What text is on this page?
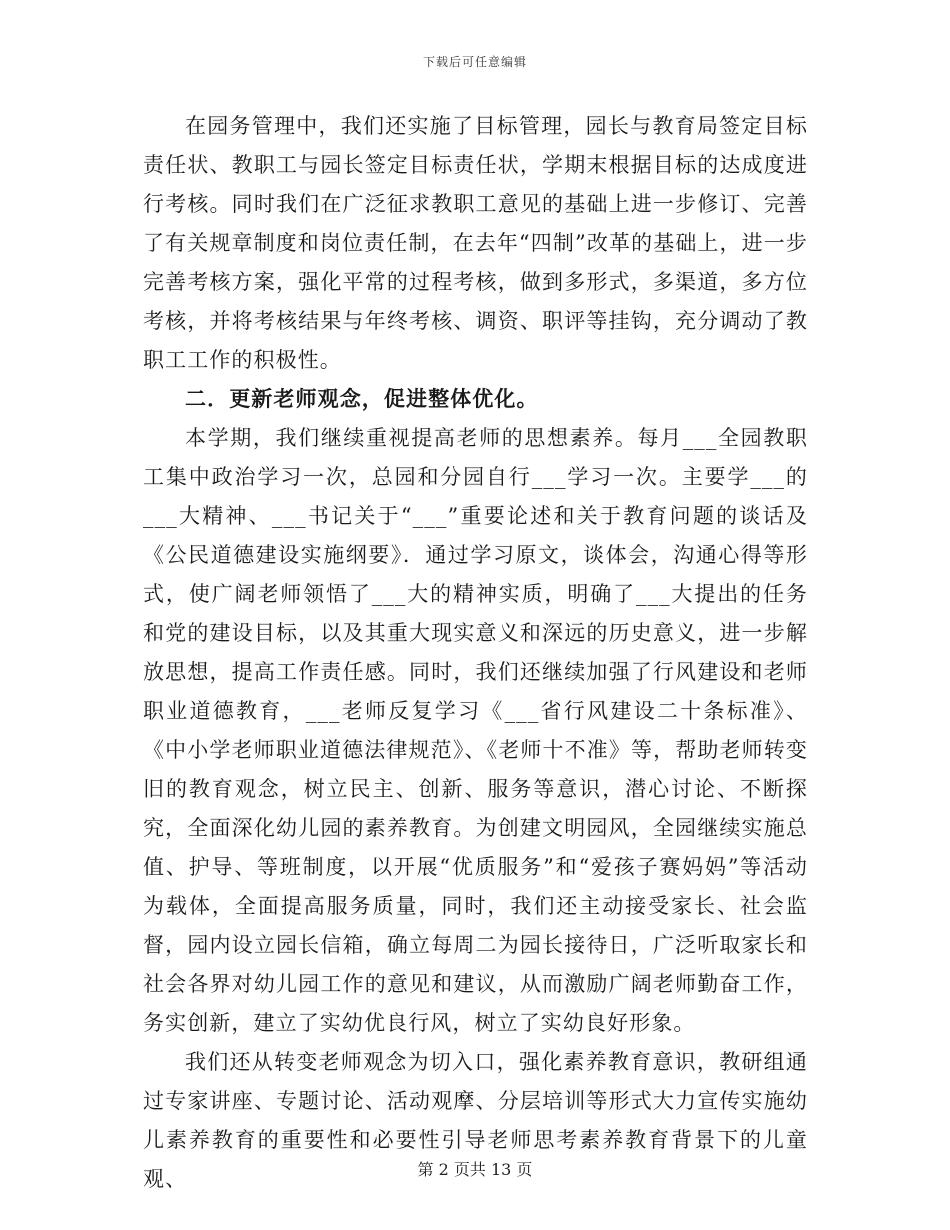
下载后可任意编辑

在园务管理中，我们还实施了目标管理，园长与教育局签定目标责任状、教职工与园长签定目标责任状，学期末根据目标的达成度进行考核。同时我们在广泛征求教职工意见的基础上进一步修订、完善了有关规章制度和岗位责任制，在去年“四制”改革的基础上，进一步完善考核方案，强化平常的过程考核，做到多形式，多渠道，多方位考核，并将考核结果与年终考核、调资、职评等挂钩，充分调动了教职工工作的积极性。

二．更新老师观念，促进整体优化。

本学期，我们继续重视提高老师的思想素养。每月___全园教职工集中政治学习一次，总园和分园自行___学习一次。主要学___的___大精神、___书记关于“___”重要论述和关于教育问题的谈话及《公民道德建设实施纲要》．通过学习原文，谈体会，沟通心得等形式，使广阔老师领悟了___大的精神实质，明确了___大提出的任务和党的建设目标，以及其重大现实意义和深远的历史意义，进一步解放思想，提高工作责任感。同时，我们还继续加强了行风建设和老师职业道德教育，___老师反复学习《___省行风建设二十条标准》、《中小学老师职业道德法律规范》、《老师十不准》等，帮助老师转变旧的教育观念，树立民主、创新、服务等意识，潜心讨论、不断探究，全面深化幼儿园的素养教育。为创建文明园风，全园继续实施总值、护导、等班制度，以开展“优质服务”和“爱孩子赛妈妈”等活动为载体，全面提高服务质量，同时，我们还主动接受家长、社会监督，园内设立园长信箱，确立每周二为园长接待日，广泛听取家长和社会各界对幼儿园工作的意见和建议，从而激励广阔老师勤奋工作，务实创新，建立了实幼优良行风，树立了实幼良好形象。

我们还从转变老师观念为切入口，强化素养教育意识，教研组通过专家讲座、专题讨论、活动观摩、分层培训等形式大力宣传实施幼儿素养教育的重要性和必要性引导老师思考素养教育背景下的儿童观、	第 2 页共 13 页
